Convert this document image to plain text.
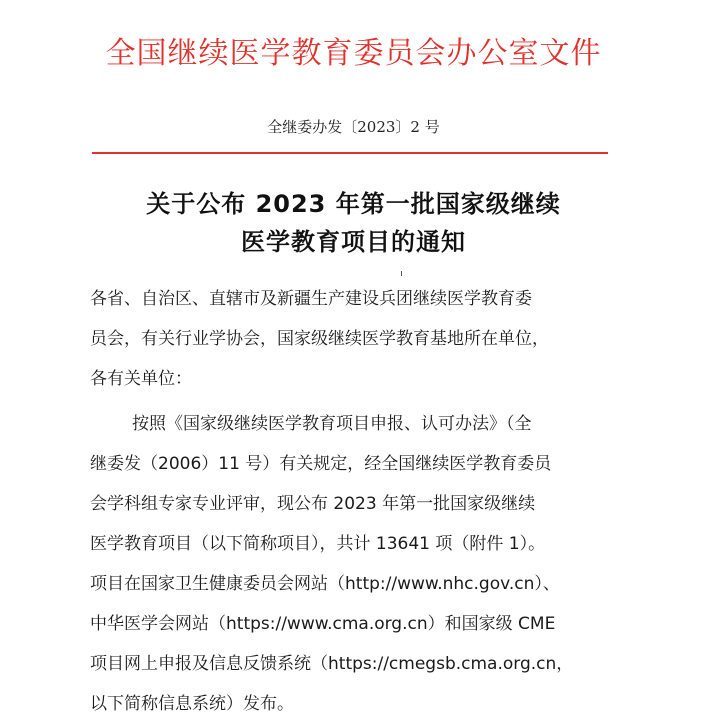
全国继续医学教育委员会办公室文件
全继委办发〔2023〕2 号
关于公布 2023 年第一批国家级继续
医学教育项目的通知
各省、自治区、直辖市及新疆生产建设兵团继续医学教育委
员会，有关行业学协会，国家级继续医学教育基地所在单位，
各有关单位：
按照《国家级继续医学教育项目申报、认可办法》（全
继委发（2006）11 号）有关规定，经全国继续医学教育委员
会学科组专家专业评审，现公布 2023 年第一批国家级继续
医学教育项目（以下简称项目），共计 13641 项（附件 1）。
项目在国家卫生健康委员会网站（http://www.nhc.gov.cn）、
中华医学会网站（https://www.cma.org.cn）和国家级 CME
项目网上申报及信息反馈系统（https://cmegsb.cma.org.cn，
以下简称信息系统）发布。
